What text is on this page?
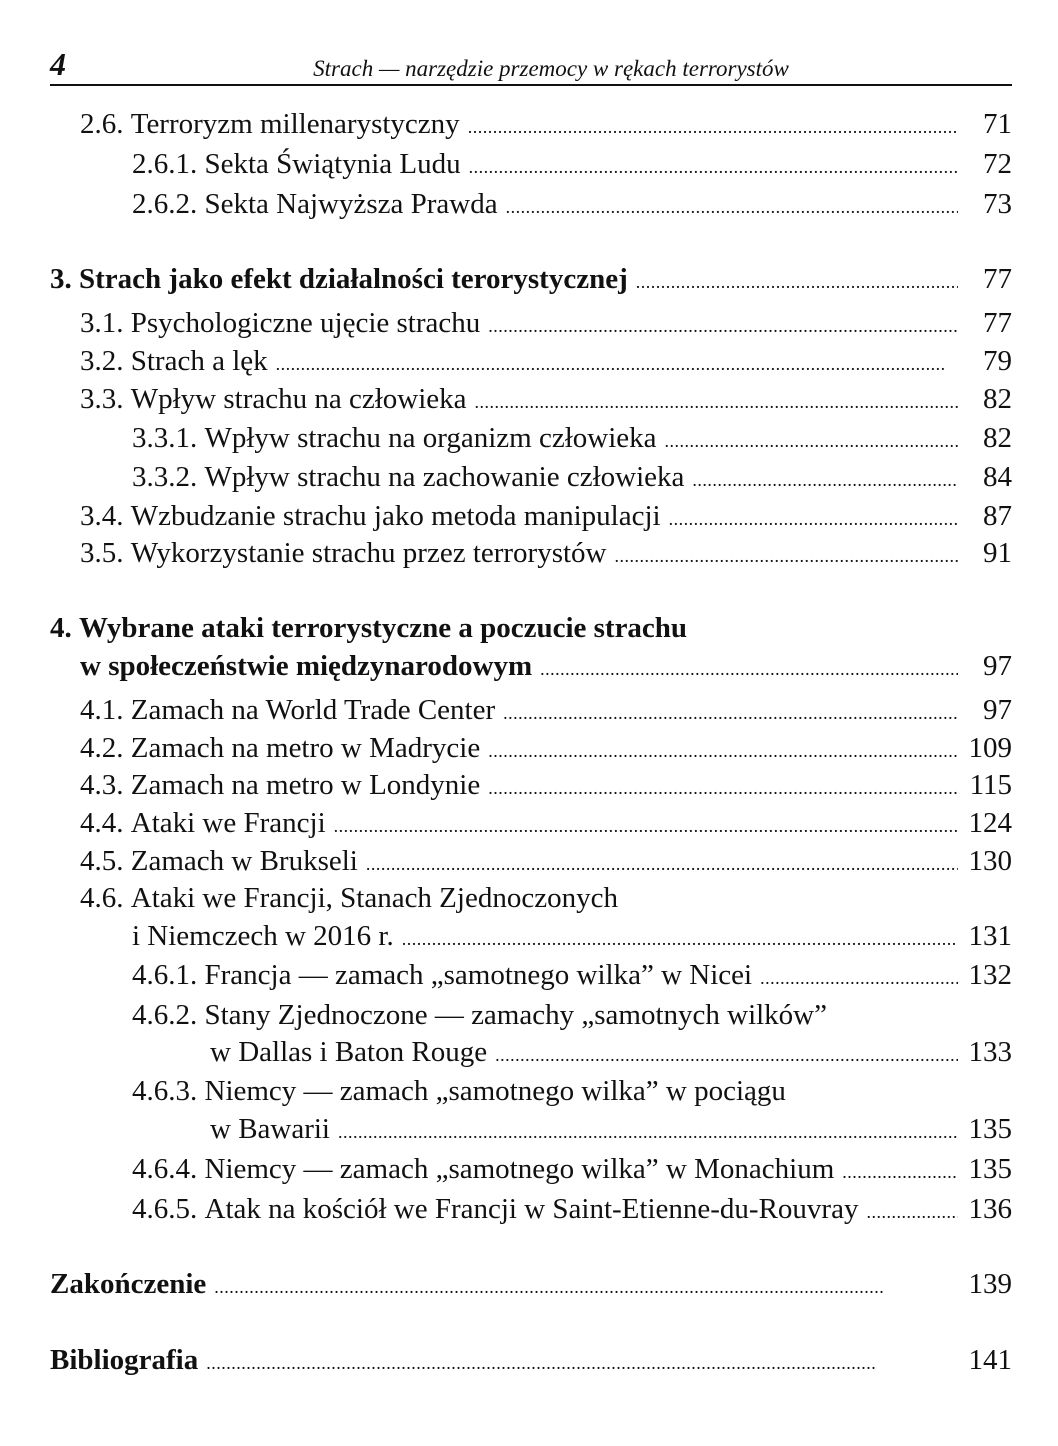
4	Strach — narzędzie przemocy w rękach terrorystów
2.6.
Terroryzm millenarystyczny . . .	71
2.6.1.
Sekta Świątynia Ludu . . .	72
2.6.2.
Sekta Najwyższa Prawda . . .	73
3.
Strach jako efekt działalności terorystycznej . . .	77
3.1.
Psychologiczne ujęcie strachu . . .	77
3.2.
Strach a lęk . . .	79
3.3.
Wpływ strachu na człowieka . . .	82
3.3.1.
Wpływ strachu na organizm człowieka . . .	82
3.3.2.
Wpływ strachu na zachowanie człowieka . . .	84
3.4.
Wzbudzanie strachu jako metoda manipulacji . . .	87
3.5.
Wykorzystanie strachu przez terrorystów . . .	91
4. Wybrane ataki terrorystyczne a poczucie strachu
w społeczeństwie międzynarodowym . . .	97
4.1.
Zamach na World Trade Center . . .	97
4.2.
Zamach na metro w Madrycie . . .	109
4.3.
Zamach na metro w Londynie . . .	115
4.4.
Ataki we Francji . . .	124
4.5.
Zamach w Brukseli . . .	130
4.6. Ataki we Francji, Stanach Zjednoczonych
i Niemczech w 2016 r. . . .	131
4.6.1.
Francja — zamach „samotnego wilka” w Nicei . . .	132
4.6.2. Stany Zjednoczone — zamachy „samotnych wilków”
w Dallas i Baton Rouge . . .	133
4.6.3. Niemcy — zamach „samotnego wilka” w pociągu
w Bawarii . . .	135
4.6.4.
Niemcy — zamach „samotnego wilka” w Monachium . . .	135
4.6.5.
Atak na kościół we Francji w Saint-Etienne-du-Rouvray . . .	136
Zakończenie . . .	139
Bibliografia . . .	141
